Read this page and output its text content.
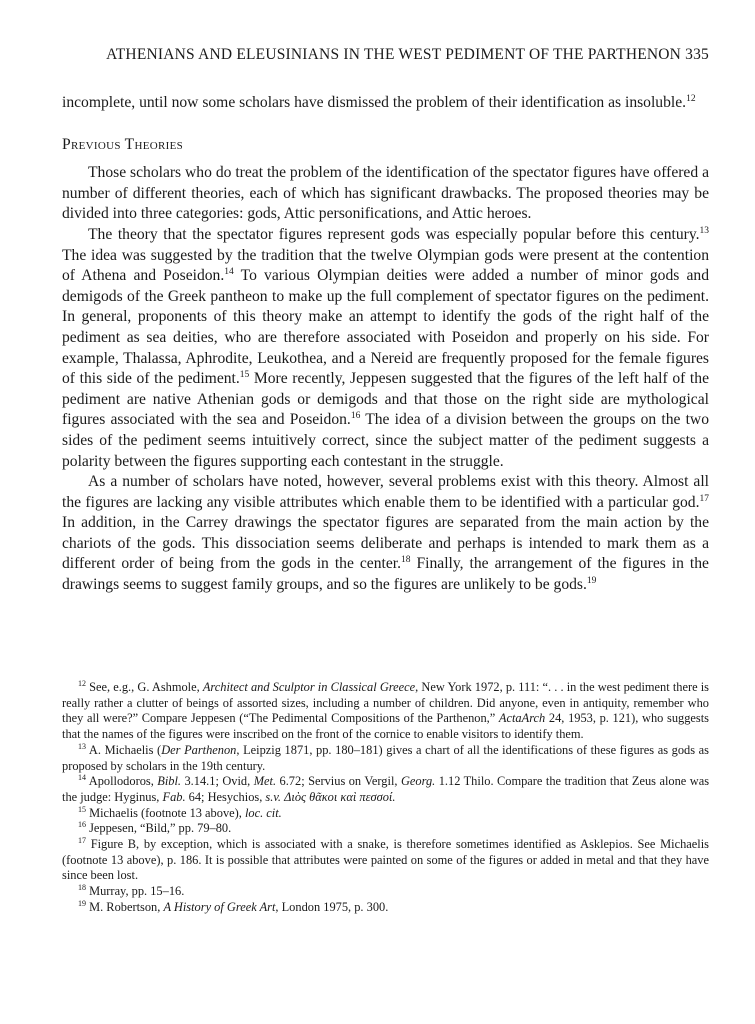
ATHENIANS AND ELEUSINIANS IN THE WEST PEDIMENT OF THE PARTHENON 335

incomplete, until now some scholars have dismissed the problem of their identification as insoluble.$^{12}$

Previous Theories

Those scholars who do treat the problem of the identification of the spectator figures have offered a number of different theories, each of which has significant drawbacks. The proposed theories may be divided into three categories: gods, Attic personifications, and Attic heroes.

The theory that the spectator figures represent gods was especially popular before this century.$^{13}$ The idea was suggested by the tradition that the twelve Olympian gods were present at the contention of Athena and Poseidon.$^{14}$ To various Olympian deities were added a number of minor gods and demigods of the Greek pantheon to make up the full complement of spectator figures on the pediment. In general, proponents of this theory make an attempt to identify the gods of the right half of the pediment as sea deities, who are therefore associated with Poseidon and properly on his side. For example, Thalassa, Aphrodite, Leukothea, and a Nereid are frequently proposed for the female figures of this side of the pediment.$^{15}$ More recently, Jeppesen suggested that the figures of the left half of the pediment are native Athenian gods or demigods and that those on the right side are mythological figures associated with the sea and Poseidon.$^{16}$ The idea of a division between the groups on the two sides of the pediment seems intuitively correct, since the subject matter of the pediment suggests a polarity between the figures supporting each contestant in the struggle.

As a number of scholars have noted, however, several problems exist with this theory. Almost all the figures are lacking any visible attributes which enable them to be identified with a particular god.$^{17}$ In addition, in the Carrey drawings the spectator figures are separated from the main action by the chariots of the gods. This dissociation seems deliberate and perhaps is intended to mark them as a different order of being from the gods in the center.$^{18}$ Finally, the arrangement of the figures in the drawings seems to suggest family groups, and so the figures are unlikely to be gods.$^{19}$

$^{12}$ See, e.g., G. Ashmole, Architect and Sculptor in Classical Greece, New York 1972, p. 111: “. . . in the west pediment there is really rather a clutter of beings of assorted sizes, including a number of children. Did anyone, even in antiquity, remember who they all were?” Compare Jeppesen (“The Pedimental Compositions of the Parthenon,” ActaArch 24, 1953, p. 121), who suggests that the names of the figures were inscribed on the front of the cornice to enable visitors to identify them.

$^{13}$ A. Michaelis (Der Parthenon, Leipzig 1871, pp. 180–181) gives a chart of all the identifications of these figures as gods as proposed by scholars in the 19th century.

$^{14}$ Apollodoros, Bibl. 3.14.1; Ovid, Met. 6.72; Servius on Vergil, Georg. 1.12 Thilo. Compare the tradition that Zeus alone was the judge: Hyginus, Fab. 64; Hesychios, s.v. Διὸς θᾶκοι καὶ πεσσοί.

$^{15}$ Michaelis (footnote 13 above), loc. cit.

$^{16}$ Jeppesen, “Bild,” pp. 79–80.

$^{17}$ Figure B, by exception, which is associated with a snake, is therefore sometimes identified as Asklepios. See Michaelis (footnote 13 above), p. 186. It is possible that attributes were painted on some of the figures or added in metal and that they have since been lost.

$^{18}$ Murray, pp. 15–16.

$^{19}$ M. Robertson, A History of Greek Art, London 1975, p. 300.
